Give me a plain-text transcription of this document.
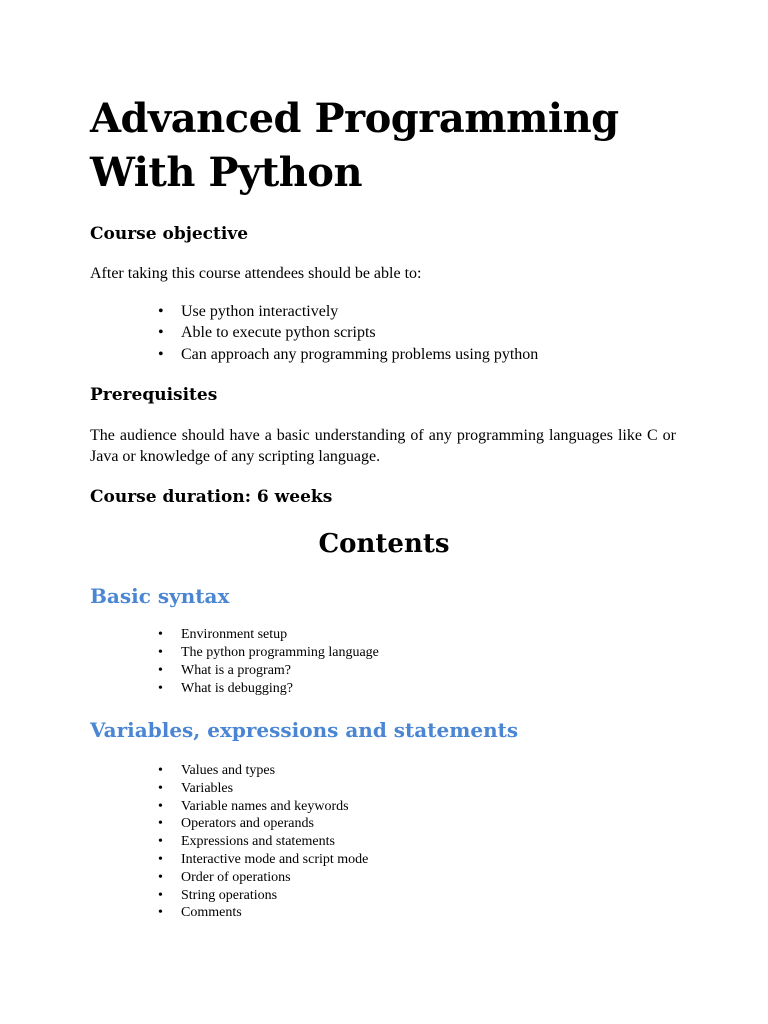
Advanced Programming With Python
Course objective

After taking this course attendees should be able to:

• Use python interactively
• Able to execute python scripts
• Can approach any programming problems using python
Prerequisites

The audience should have a basic understanding of any programming languages like C or Java or knowledge of any scripting language.

Course duration: 6 weeks
Contents
Basic syntax
• Environment setup
• The python programming language
• What is a program?
• What is debugging?
Variables, expressions and statements
• Values and types
• Variables
• Variable names and keywords
• Operators and operands
• Expressions and statements
• Interactive mode and script mode
• Order of operations
• String operations
• Comments
